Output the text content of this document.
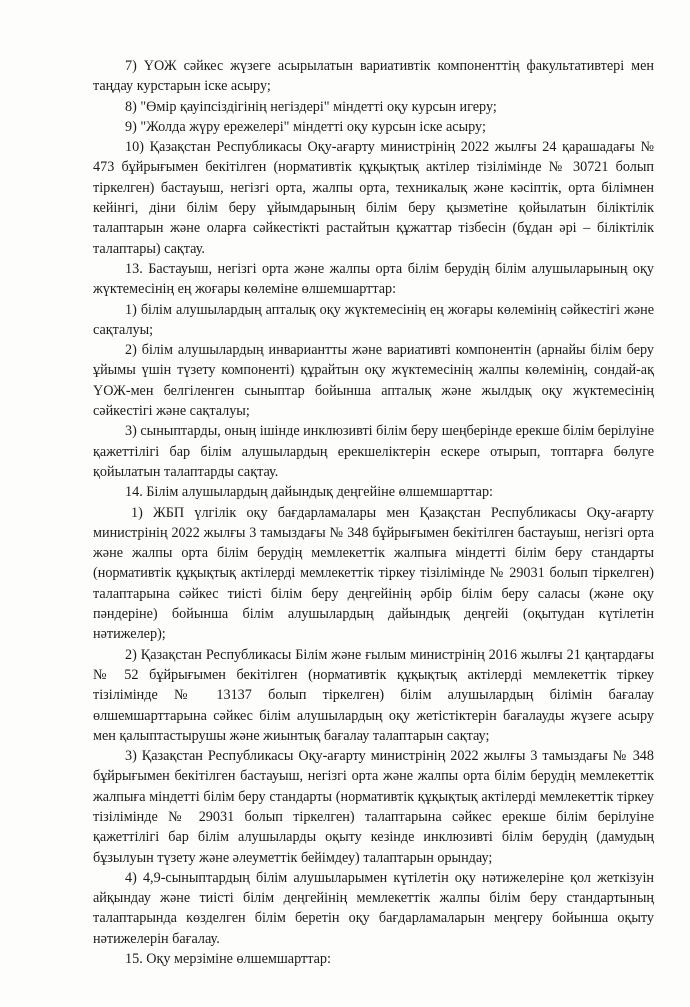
7) ҮОЖ сәйкес жүзеге асырылатын вариативтік компоненттің факультативтері мен таңдау курстарын іске асыру;

8) "Өмір қауіпсіздігінің негіздері" міндетті оқу курсын игеру;

9) "Жолда жүру ережелері" міндетті оқу курсын іске асыру;

10) Қазақстан Республикасы Оқу-ағарту министрінің 2022 жылғы 24 қарашадағы № 473 бұйрығымен бекітілген (нормативтік құқықтық актілер тізілімінде № 30721 болып тіркелген) бастауыш, негізгі орта, жалпы орта, техникалық және кәсіптік, орта білімнен кейінгі, діни білім беру ұйымдарының білім беру қызметіне қойылатын біліктілік талаптарын және оларға сәйкестікті растайтын құжаттар тізбесін (бұдан әрі – біліктілік талаптары) сақтау.

13. Бастауыш, негізгі орта және жалпы орта білім берудің білім алушыларының оқу жүктемесінің ең жоғары көлеміне өлшемшарттар:

1) білім алушылардың апталық оқу жүктемесінің ең жоғары көлемінің сәйкестігі және сақталуы;

2) білім алушылардың инвариантты және вариативті компонентін (арнайы білім беру ұйымы үшін түзету компоненті) құрайтын оқу жүктемесінің жалпы көлемінің, сондай-ақ ҮОЖ-мен белгіленген сыныптар бойынша апталық және жылдық оқу жүктемесінің сәйкестігі және сақталуы;

3) сыныптарды, оның ішінде инклюзивті білім беру шеңберінде ерекше білім берілуіне қажеттілігі бар білім алушылардың ерекшеліктерін ескере отырып, топтарға бөлуге қойылатын талаптарды сақтау.

14. Білім алушылардың дайындық деңгейіне өлшемшарттар:

1) ЖБП үлгілік оқу бағдарламалары мен Қазақстан Республикасы Оқу-ағарту министрінің 2022 жылғы 3 тамыздағы № 348 бұйрығымен бекітілген бастауыш, негізгі орта және жалпы орта білім берудің мемлекеттік жалпыға міндетті білім беру стандарты (нормативтік құқықтық актілерді мемлекеттік тіркеу тізілімінде № 29031 болып тіркелген) талаптарына сәйкес тиісті білім беру деңгейінің әрбір білім беру саласы (және оқу пәндеріне) бойынша білім алушылардың дайындық деңгейі (оқытудан күтілетін нәтижелер);

2) Қазақстан Республикасы Білім және ғылым министрінің 2016 жылғы 21 қаңтардағы № 52 бұйрығымен бекітілген (нормативтік құқықтық актілерді мемлекеттік тіркеу тізілімінде № 13137 болып тіркелген) білім алушылардың білімін бағалау өлшемшарттарына сәйкес білім алушылардың оқу жетістіктерін бағалауды жүзеге асыру мен қалыптастырушы және жиынтық бағалау талаптарын сақтау;

3) Қазақстан Республикасы Оқу-ағарту министрінің 2022 жылғы 3 тамыздағы № 348 бұйрығымен бекітілген бастауыш, негізгі орта және жалпы орта білім берудің мемлекеттік жалпыға міндетті білім беру стандарты (нормативтік құқықтық актілерді мемлекеттік тіркеу тізілімінде № 29031 болып тіркелген) талаптарына сәйкес ерекше білім берілуіне қажеттілігі бар білім алушыларды оқыту кезінде инклюзивті білім берудің (дамудың бұзылуын түзету және әлеуметтік бейімдеу) талаптарын орындау;

4) 4,9-сыныптардың білім алушыларымен күтілетін оқу нәтижелеріне қол жеткізуін айқындау және тиісті білім деңгейінің мемлекеттік жалпы білім беру стандартының талаптарында көзделген білім беретін оқу бағдарламаларын меңгеру бойынша оқыту нәтижелерін бағалау.

15. Оқу мерзіміне өлшемшарттар:
